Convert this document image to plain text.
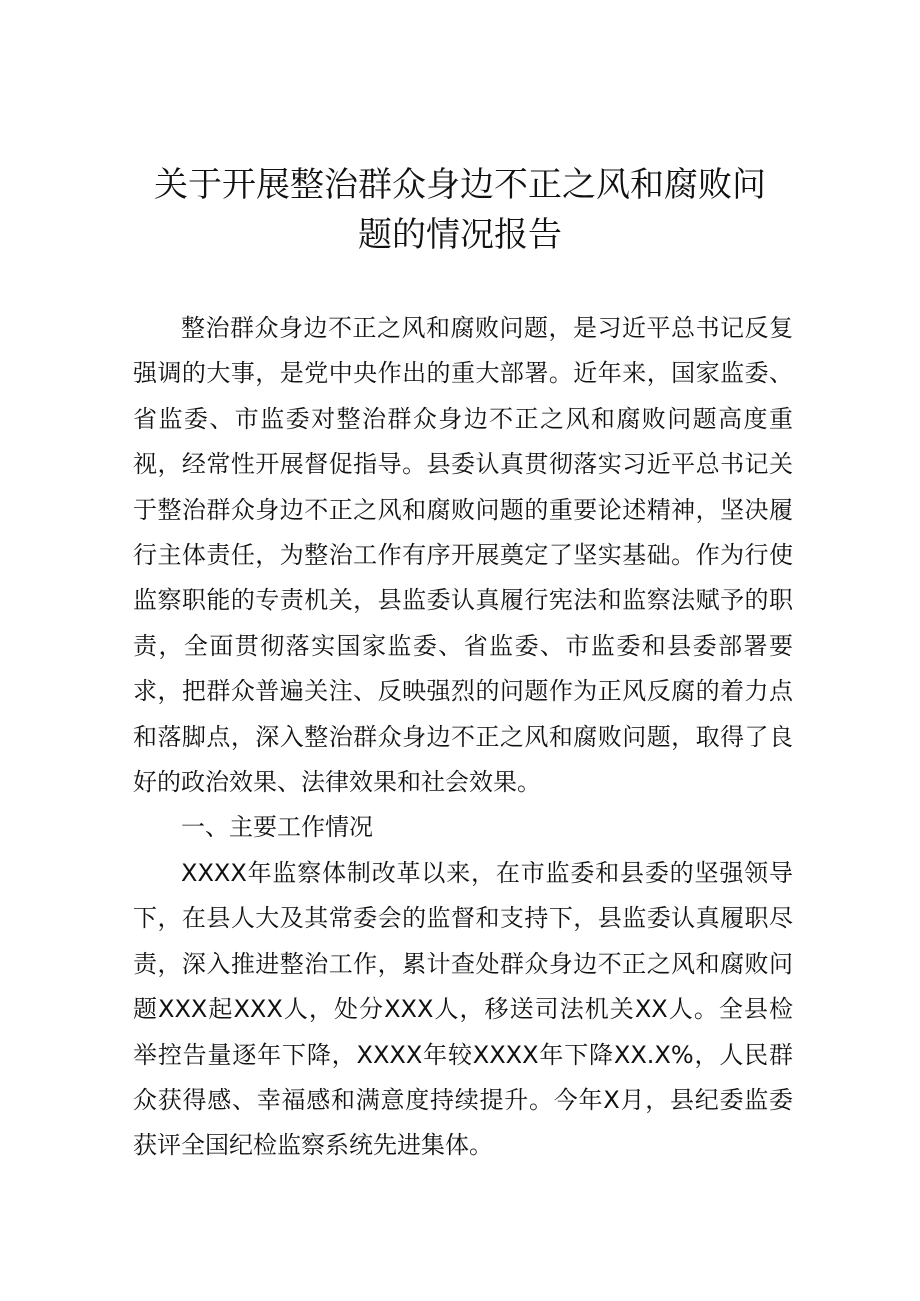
关于开展整治群众身边不正之风和腐败问
题的情况报告

整治群众身边不正之风和腐败问题，是习近平总书记反复强调的大事，是党中央作出的重大部署。近年来，国家监委、省监委、市监委对整治群众身边不正之风和腐败问题高度重视，经常性开展督促指导。县委认真贯彻落实习近平总书记关于整治群众身边不正之风和腐败问题的重要论述精神，坚决履行主体责任，为整治工作有序开展奠定了坚实基础。作为行使监察职能的专责机关，县监委认真履行宪法和监察法赋予的职责，全面贯彻落实国家监委、省监委、市监委和县委部署要求，把群众普遍关注、反映强烈的问题作为正风反腐的着力点和落脚点，深入整治群众身边不正之风和腐败问题，取得了良好的政治效果、法律效果和社会效果。

一、主要工作情况

XXXX年监察体制改革以来，在市监委和县委的坚强领导下，在县人大及其常委会的监督和支持下，县监委认真履职尽责，深入推进整治工作，累计查处群众身边不正之风和腐败问题XXX起XXX人，处分XXX人，移送司法机关XX人。全县检举控告量逐年下降，XXXX年较XXXX年下降XX.X%，人民群众获得感、幸福感和满意度持续提升。今年X月，县纪委监委获评全国纪检监察系统先进集体。
